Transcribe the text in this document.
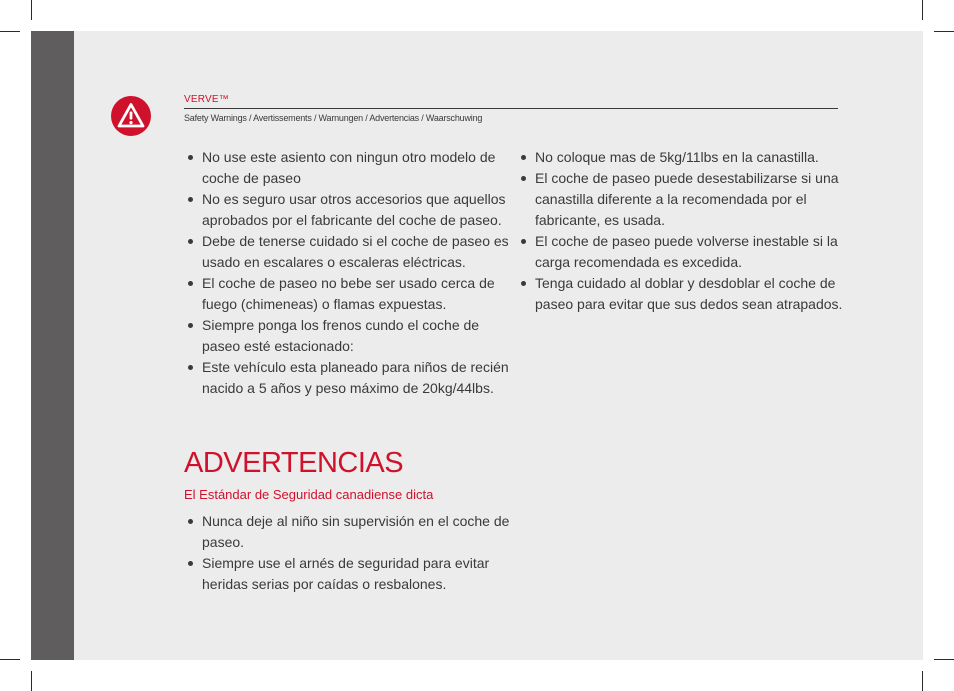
VERVE™
Safety Warnings / Avertissements / Warnungen / Advertencias / Waarschuwing
No use este asiento con ningun otro modelo de coche de paseo
No es seguro usar otros accesorios que aquellos aprobados por el fabricante del coche de paseo.
Debe de tenerse cuidado si el coche de paseo es usado en escalares o escaleras eléctricas.
El coche de paseo no bebe ser usado cerca de fuego (chimeneas) o flamas expuestas.
Siempre ponga los frenos cundo el coche de paseo esté estacionado:
Este vehículo esta planeado para niños de recién nacido a 5 años y peso máximo de 20kg/44lbs.
ADVERTENCIAS
El Estándar de Seguridad canadiense dicta
Nunca deje al niño sin supervisión en el coche de paseo.
Siempre use el arnés de seguridad para evitar heridas serias por caídas o resbalones.
No coloque mas de 5kg/11lbs en la canastilla.
El coche de paseo puede desestabilizarse si una canastilla diferente a la recomendada por el fabricante, es usada.
El coche de paseo puede volverse inestable si la carga recomendada es excedida.
Tenga cuidado al doblar y desdoblar el coche de paseo para evitar que sus dedos sean atrapados.
